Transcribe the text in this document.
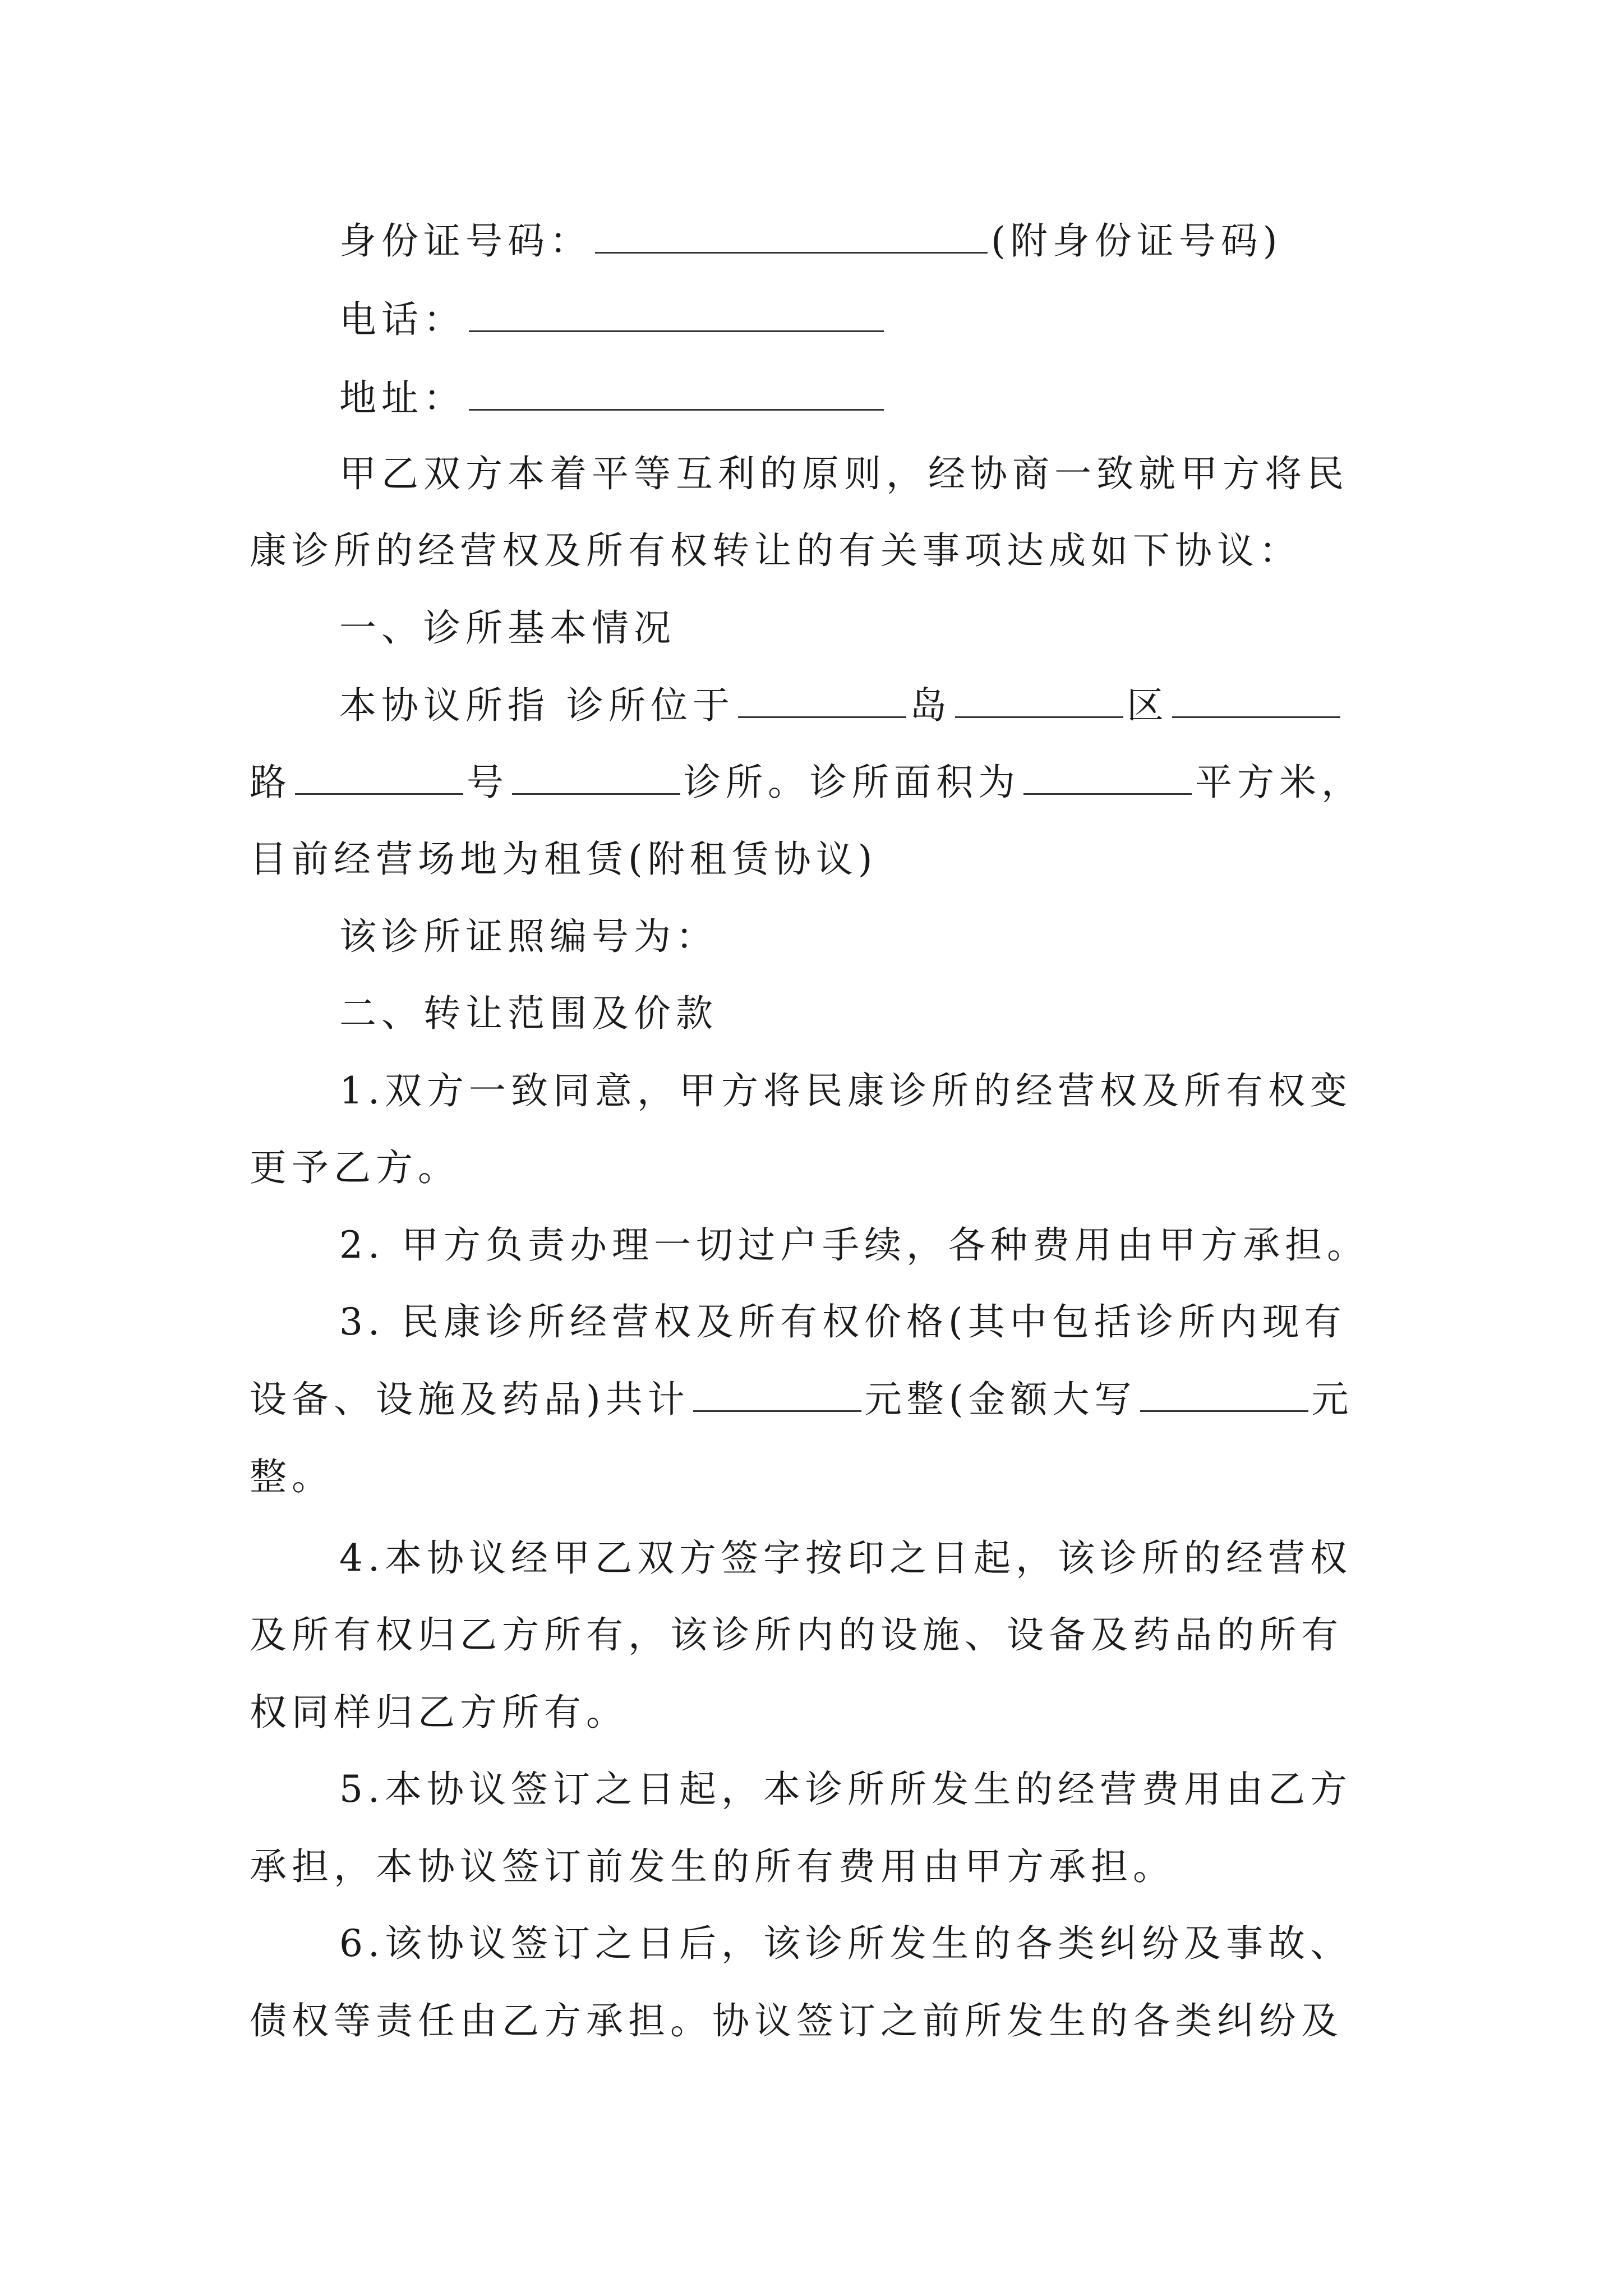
身份证号码：	(附身份证号码)
电话：
地址：
甲乙双方本着平等互利的原则，经协商一致就甲方将民
康诊所的经营权及所有权转让的有关事项达成如下协议：
一、诊所基本情况
本协议所指 诊所位于	岛	区
路	号	诊所。诊所面积为	平方米，
目前经营场地为租赁(附租赁协议)
该诊所证照编号为：
二、转让范围及价款
1.双方一致同意，甲方将民康诊所的经营权及所有权变
更予乙方。
2. 甲方负责办理一切过户手续，各种费用由甲方承担。
3. 民康诊所经营权及所有权价格(其中包括诊所内现有
设备、设施及药品)共计	元整(金额大写	元
整。
4.本协议经甲乙双方签字按印之日起，该诊所的经营权
及所有权归乙方所有，该诊所内的设施、设备及药品的所有
权同样归乙方所有。
5.本协议签订之日起，本诊所所发生的经营费用由乙方
承担，本协议签订前发生的所有费用由甲方承担。
6.该协议签订之日后，该诊所发生的各类纠纷及事故、
债权等责任由乙方承担。协议签订之前所发生的各类纠纷及
